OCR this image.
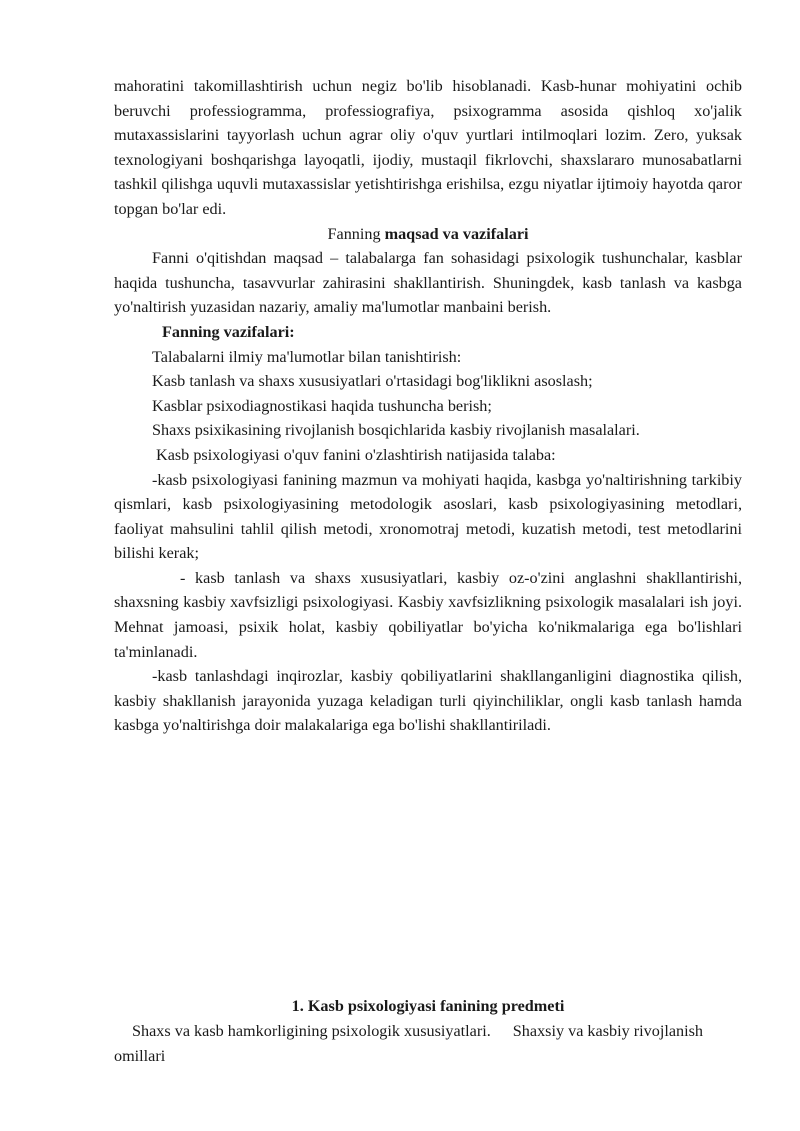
mahoratini takomillashtirish uchun negiz bo'lib hisoblanadi. Kasb-hunar mohiyatini ochib beruvchi professiogramma, professiografiya, psixogramma asosida qishloq xo'jalik mutaxassislarini tayyorlash uchun agrar oliy o'quv yurtlari intilmoqlari lozim. Zero, yuksak texnologiyani boshqarishga layoqatli, ijodiy, mustaqil fikrlovchi, shaxslararo munosabatlarni tashkil qilishga uquvli mutaxassislar yetishtirishga erishilsa, ezgu niyatlar ijtimoiy hayotda qaror topgan bo'lar edi.

Fanning maqsad va vazifalari

Fanni o'qitishdan maqsad – talabalarga fan sohasidagi psixologik tushunchalar, kasblar haqida tushuncha, tasavvurlar zahirasini shakllantirish. Shuningdek, kasb tanlash va kasbga yo'naltirish yuzasidan nazariy, amaliy ma'lumotlar manbaini berish.

Fanning vazifalari:

Talabalarni ilmiy ma'lumotlar bilan tanishtirish:

Kasb tanlash va shaxs xususiyatlari o'rtasidagi bog'liklikni asoslash;

Kasblar psixodiagnostikasi haqida tushuncha berish;

Shaxs psixikasining rivojlanish bosqichlarida kasbiy rivojlanish masalalari.

Kasb psixologiyasi o'quv fanini o'zlashtirish natijasida talaba:

-kasb psixologiyasi fanining mazmun va mohiyati haqida, kasbga yo'naltirishning tarkibiy qismlari, kasb psixologiyasining metodologik asoslari, kasb psixologiyasining metodlari, faoliyat mahsulini tahlil qilish metodi, xronomotraj metodi, kuzatish metodi, test metodlarini bilishi kerak;

- kasb tanlash va shaxs xususiyatlari, kasbiy oz-o'zini anglashni shakllantirishi, shaxsning kasbiy xavfsizligi psixologiyasi. Kasbiy xavfsizlikning psixologik masalalari ish joyi. Mehnat jamoasi, psixik holat, kasbiy qobiliyatlar bo'yicha ko'nikmalariga ega bo'lishlari ta'minlanadi.

-kasb tanlashdagi inqirozlar, kasbiy qobiliyatlarini shakllanganligini diagnostika qilish, kasbiy shakllanish jarayonida yuzaga keladigan turli qiyinchiliklar, ongli kasb tanlash hamda kasbga yo'naltirishga doir malakalariga ega bo'lishi shakllantiriladi.

1. Kasb psixologiyasi fanining predmeti

Shaxs va kasb hamkorligining psixologik xususiyatlari. Shaxsiy va kasbiy rivojlanish omillari
